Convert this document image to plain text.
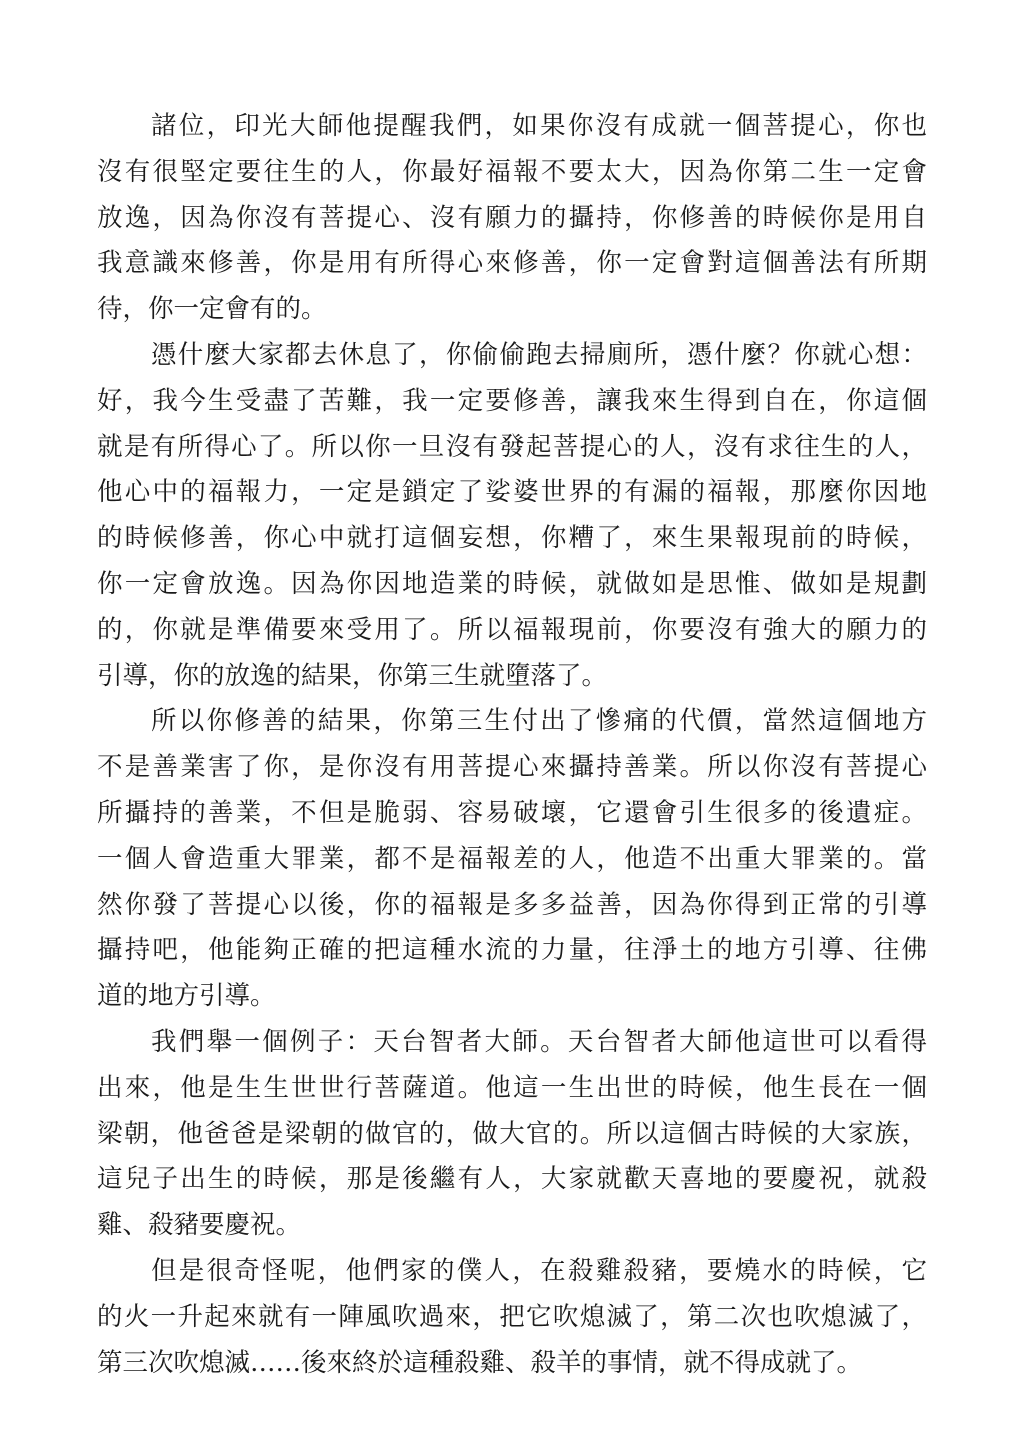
諸位，印光大師他提醒我們，如果你沒有成就一個菩提心，你也
沒有很堅定要往生的人，你最好福報不要太大，因為你第二生一定會
放逸，因為你沒有菩提心、沒有願力的攝持，你修善的時候你是用自
我意識來修善，你是用有所得心來修善，你一定會對這個善法有所期
待，你一定會有的。
憑什麼大家都去休息了，你偷偷跑去掃廁所，憑什麼？你就心想：
好，我今生受盡了苦難，我一定要修善，讓我來生得到自在，你這個
就是有所得心了。所以你一旦沒有發起菩提心的人，沒有求往生的人，
他心中的福報力，一定是鎖定了娑婆世界的有漏的福報，那麼你因地
的時候修善，你心中就打這個妄想，你糟了，來生果報現前的時候，
你一定會放逸。因為你因地造業的時候，就做如是思惟、做如是規劃
的，你就是準備要來受用了。所以福報現前，你要沒有強大的願力的
引導，你的放逸的結果，你第三生就墮落了。
所以你修善的結果，你第三生付出了慘痛的代價，當然這個地方
不是善業害了你，是你沒有用菩提心來攝持善業。所以你沒有菩提心
所攝持的善業，不但是脆弱、容易破壞，它還會引生很多的後遺症。
一個人會造重大罪業，都不是福報差的人，他造不出重大罪業的。當
然你發了菩提心以後，你的福報是多多益善，因為你得到正常的引導
攝持吧，他能夠正確的把這種水流的力量，往淨土的地方引導、往佛
道的地方引導。
我們舉一個例子：天台智者大師。天台智者大師他這世可以看得
出來，他是生生世世行菩薩道。他這一生出世的時候，他生長在一個
梁朝，他爸爸是梁朝的做官的，做大官的。所以這個古時候的大家族，
這兒子出生的時候，那是後繼有人，大家就歡天喜地的要慶祝，就殺
雞、殺豬要慶祝。
但是很奇怪呢，他們家的僕人，在殺雞殺豬，要燒水的時候，它
的火一升起來就有一陣風吹過來，把它吹熄滅了，第二次也吹熄滅了，
第三次吹熄滅……後來終於這種殺雞、殺羊的事情，就不得成就了。
